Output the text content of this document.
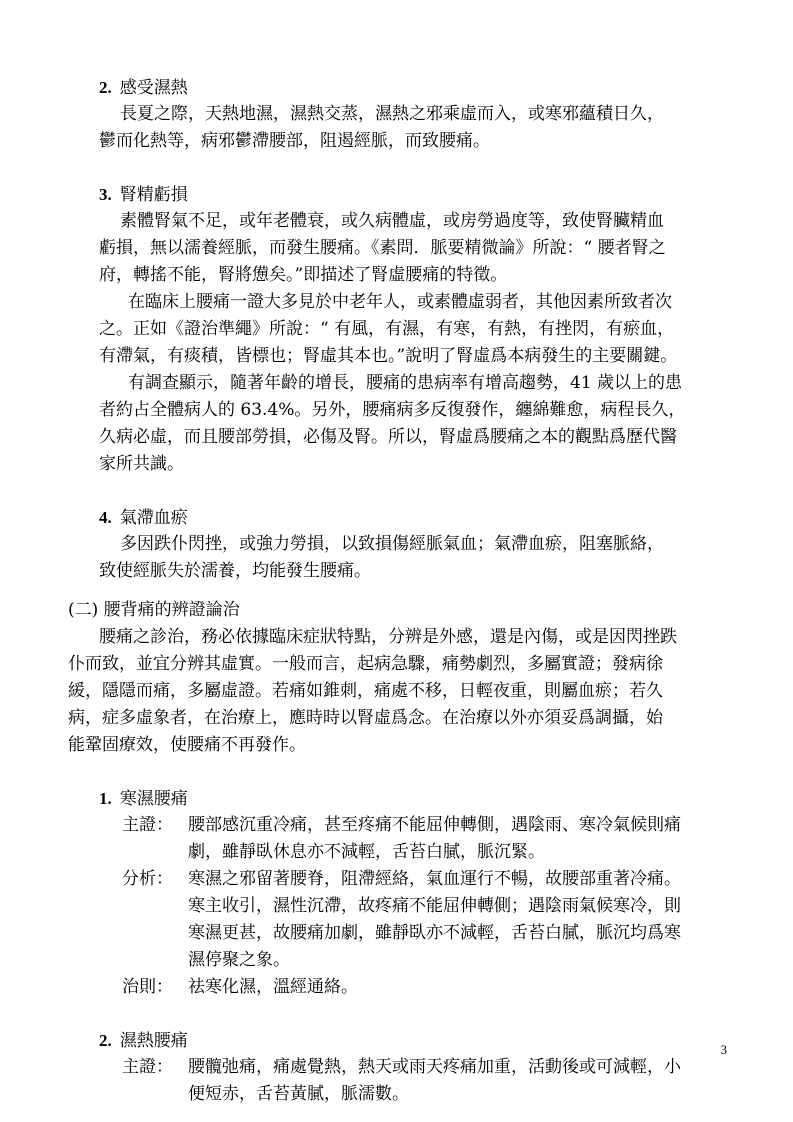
2. 感受濕熱
長夏之際，天熱地濕，濕熱交蒸，濕熱之邪乘虛而入，或寒邪蘊積日久，
鬱而化熱等，病邪鬱滯腰部，阻遏經脈，而致腰痛。
3. 腎精虧損
素體腎氣不足，或年老體衰，或久病體虛，或房勞過度等，致使腎臟精血
虧損，無以濡養經脈，而發生腰痛。《素問．脈要精微論》所說：“ 腰者腎之
府，轉搖不能，腎將憊矣。”即描述了腎虛腰痛的特徵。
在臨床上腰痛一證大多見於中老年人，或素體虛弱者，其他因素所致者次
之。正如《證治準繩》所說：“ 有風，有濕，有寒，有熱，有挫閃，有瘀血，
有滯氣，有痰積，皆標也；腎虛其本也。”說明了腎虛爲本病發生的主要關鍵。
有調查顯示，隨著年齡的增長，腰痛的患病率有增高趨勢，41 歲以上的患
者約占全體病人的 63.4%。另外，腰痛病多反復發作，纏綿難愈，病程長久，
久病必虛，而且腰部勞損，必傷及腎。所以，腎虛爲腰痛之本的觀點爲歷代醫
家所共識。
4. 氣滯血瘀
多因跌仆閃挫，或強力勞損，以致損傷經脈氣血；氣滯血瘀，阻塞脈絡，
致使經脈失於濡養，均能發生腰痛。
(二) 腰背痛的辨證論治
腰痛之診治，務必依據臨床症狀特點，分辨是外感，還是內傷，或是因閃挫跌
仆而致，並宜分辨其虛實。一般而言，起病急驟，痛勢劇烈，多屬實證；發病徐
緩，隱隱而痛，多屬虛證。若痛如錐刺，痛處不移，日輕夜重，則屬血瘀；若久
病，症多虛象者，在治療上，應時時以腎虛爲念。在治療以外亦須妥爲調攝，始
能鞏固療效，使腰痛不再發作。
1. 寒濕腰痛
主證： 腰部感沉重冷痛，甚至疼痛不能屈伸轉側，遇陰雨、寒冷氣候則痛
劇，雖靜臥休息亦不減輕，舌苔白膩，脈沉緊。
分析： 寒濕之邪留著腰脊，阻滯經絡，氣血運行不暢，故腰部重著冷痛。
寒主收引，濕性沉滯，故疼痛不能屈伸轉側；遇陰雨氣候寒冷，則
寒濕更甚，故腰痛加劇，雖靜臥亦不減輕，舌苔白膩，脈沉均爲寒
濕停聚之象。
治則： 祛寒化濕，溫經通絡。
2. 濕熱腰痛
主證： 腰髖弛痛，痛處覺熱，熱天或雨天疼痛加重，活動後或可減輕，小
便短赤，舌苔黃膩，脈濡數。
3
